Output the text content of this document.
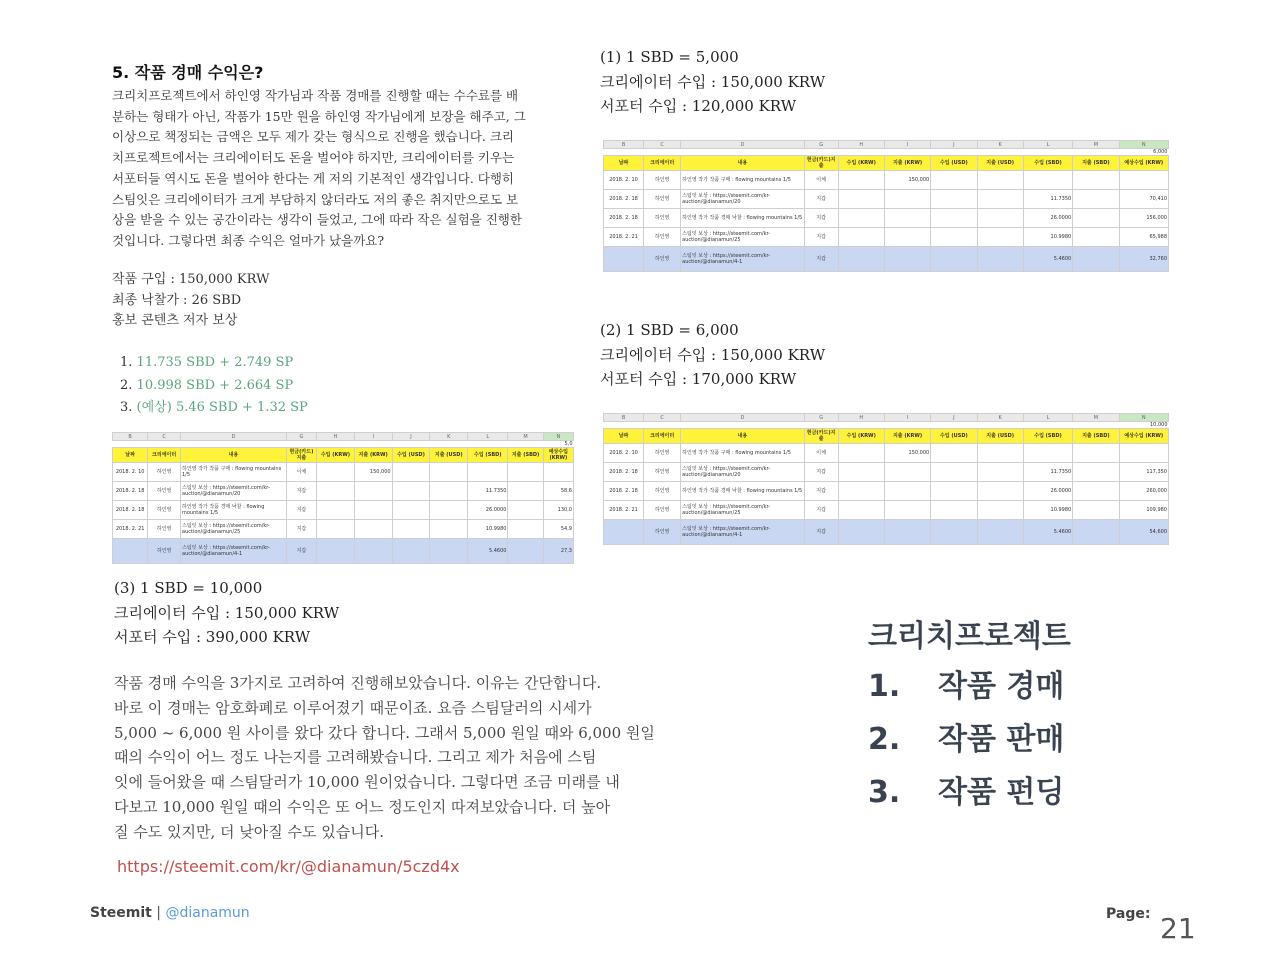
5. 작품 경매 수익은?
크리치프로젝트에서 하인영 작가님과 작품 경매를 진행할 때는 수수료를 배
분하는 형태가 아닌, 작품가 15만 원을 하인영 작가님에게 보장을 해주고, 그
이상으로 책정되는 금액은 모두 제가 갖는 형식으로 진행을 했습니다. 크리
치프로젝트에서는 크리에이터도 돈을 벌어야 하지만, 크리에이터를 키우는
서포터들 역시도 돈을 벌어야 한다는 게 저의 기본적인 생각입니다. 다행히
스팀잇은 크리에이터가 크게 부담하지 않더라도 저의 좋은 취지만으로도 보
상을 받을 수 있는 공간이라는 생각이 들었고, 그에 따라 작은 실험을 진행한
것입니다. 그렇다면 최종 수익은 얼마가 났을까요?
작품 구입 : 150,000 KRW
최종 낙찰가 : 26 SBD
홍보 콘텐츠 저자 보상
1. 11.735 SBD + 2.749 SP
2. 10.998 SBD + 2.664 SP
3. (예상) 5.46 SBD + 1.32 SP
(1) 1 SBD = 5,000
크리에이터 수입 : 150,000 KRW
서포터 수입 : 120,000 KRW
(2) 1 SBD = 6,000
크리에이터 수입 : 150,000 KRW
서포터 수입 : 170,000 KRW
(3) 1 SBD = 10,000
크리에이터 수입 : 150,000 KRW
서포터 수입 : 390,000 KRW
B	C	D	G	H	I	J	K	L	M	N
										6,000
날짜	크리에이터	내용	현금(카드)지출	수입 (KRW)	지출 (KRW)	수입 (USD)	지출 (USD)	수입 (SBD)	지출 (SBD)	예상수입 (KRW)
2018. 2. 10	하인영	하인영 작가 작품 구매 : flowing mountains 1/5	이체		150,000					
2018. 2. 18	하인영	스팀잇 보상 : https://steemit.com/kr-auction/@dianamun/20	지갑					11.7350		70,410
2018. 2. 18	하인영	하인영 작가 작품 경매 낙찰 : flowing mountains 1/5	지갑					26.0000		156,000
2018. 2. 21	하인영	스팀잇 보상 : https://steemit.com/kr-auction/@dianamun/25	지갑					10.9980		65,988
	하인영	스팀잇 보상 : https://steemit.com/kr-auction/@dianamun/4-1	지갑					5.4600		32,760
B	C	D	G	H	I	J	K	L	M	N
										10,000
날짜	크리에이터	내용	현금(카드)지출	수입 (KRW)	지출 (KRW)	수입 (USD)	지출 (USD)	수입 (SBD)	지출 (SBD)	예상수입 (KRW)
2018. 2. 10	하인영	하인영 작가 작품 구매 : flowing mountains 1/5	이체		150,000					
2018. 2. 18	하인영	스팀잇 보상 : https://steemit.com/kr-auction/@dianamun/20	지갑					11.7350		117,350
2018. 2. 18	하인영	하인영 작가 작품 경매 낙찰 : flowing mountains 1/5	지갑					26.0000		260,000
2018. 2. 21	하인영	스팀잇 보상 : https://steemit.com/kr-auction/@dianamun/25	지갑					10.9980		109,980
	하인영	스팀잇 보상 : https://steemit.com/kr-auction/@dianamun/4-1	지갑					5.4600		54,600
B	C	D	G	H	I	J	K	L	M	N
										5,0
날짜	크리에이터	내용	현금(카드)지출	수입 (KRW)	지출 (KRW)	수입 (USD)	지출 (USD)	수입 (SBD)	지출 (SBD)	예상수입 (KRW)
2018. 2. 10	하인영	하인영 작가 작품 구매 : flowing mountains 1/5	이체		150,000					
2018. 2. 18	하인영	스팀잇 보상 : https://steemit.com/kr-auction/@dianamun/20	지갑					11.7350		58,6
2018. 2. 18	하인영	하인영 작가 작품 경매 낙찰 : flowing mountains 1/5	지갑					26.0000		130,0
2018. 2. 21	하인영	스팀잇 보상 : https://steemit.com/kr-auction/@dianamun/25	지갑					10.9980		54,9
	하인영	스팀잇 보상 : https://steemit.com/kr-auction/@dianamun/4-1	지갑					5.4600		27,3
작품 경매 수익을 3가지로 고려하여 진행해보았습니다. 이유는 간단합니다.
바로 이 경매는 암호화폐로 이루어졌기 때문이죠. 요즘 스팀달러의 시세가
5,000 ~ 6,000 원 사이를 왔다 갔다 합니다. 그래서 5,000 원일 때와 6,000 원일
때의 수익이 어느 정도 나는지를 고려해봤습니다. 그리고 제가 처음에 스팀
잇에 들어왔을 때 스팀달러가 10,000 원이었습니다. 그렇다면 조금 미래를 내
다보고 10,000 원일 때의 수익은 또 어느 정도인지 따져보았습니다. 더 높아
질 수도 있지만, 더 낮아질 수도 있습니다.
https://steemit.com/kr/@dianamun/5czd4x
크리치프로젝트
1. 작품 경매
2. 작품 판매
3. 작품 펀딩
Steemit | @dianamun	Page: 21
